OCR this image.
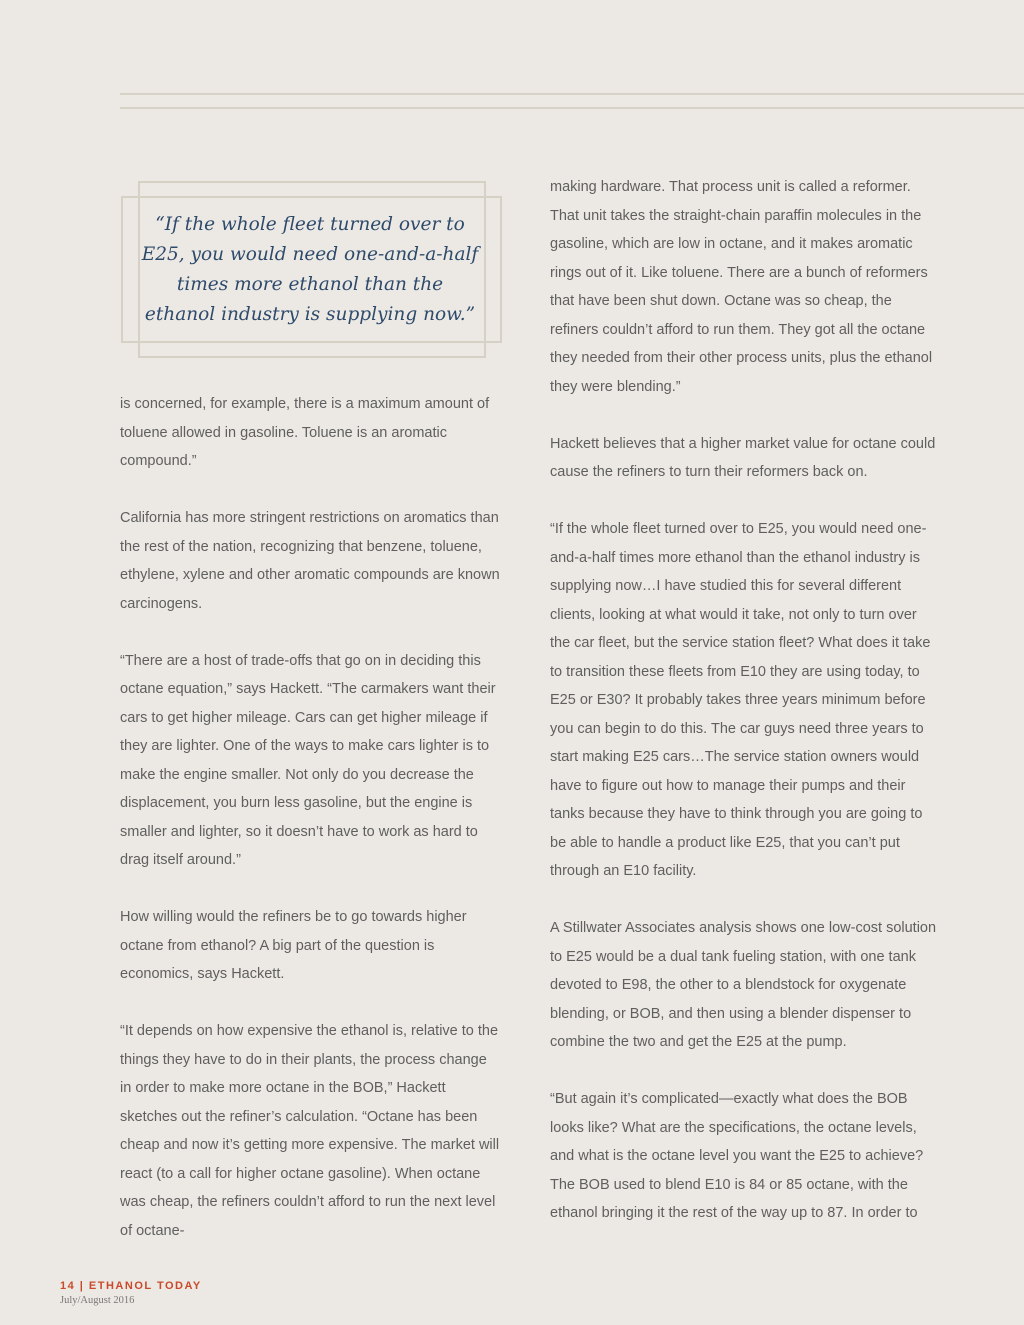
“If the whole fleet turned over to E25, you would need one-and-a-half times more ethanol than the ethanol industry is supplying now.”

is concerned, for example, there is a maximum amount of toluene allowed in gasoline. Toluene is an aromatic compound.”

California has more stringent restrictions on aromatics than the rest of the nation, recognizing that benzene, toluene, ethylene, xylene and other aromatic compounds are known carcinogens.

“There are a host of trade-offs that go on in deciding this octane equation,” says Hackett. “The carmakers want their cars to get higher mileage. Cars can get higher mileage if they are lighter. One of the ways to make cars lighter is to make the engine smaller. Not only do you decrease the displacement, you burn less gasoline, but the engine is smaller and lighter, so it doesn’t have to work as hard to drag itself around.”

How willing would the refiners be to go towards higher octane from ethanol? A big part of the question is economics, says Hackett.

“It depends on how expensive the ethanol is, relative to the things they have to do in their plants, the process change in order to make more octane in the BOB,” Hackett sketches out the refiner’s calculation. “Octane has been cheap and now it’s getting more expensive. The market will react (to a call for higher octane gasoline). When octane was cheap, the refiners couldn’t afford to run the next level of octane-

making hardware. That process unit is called a reformer. That unit takes the straight-chain paraffin molecules in the gasoline, which are low in octane, and it makes aromatic rings out of it. Like toluene. There are a bunch of reformers that have been shut down. Octane was so cheap, the refiners couldn’t afford to run them. They got all the octane they needed from their other process units, plus the ethanol they were blending.”

Hackett believes that a higher market value for octane could cause the refiners to turn their reformers back on.

“If the whole fleet turned over to E25, you would need one-and-a-half times more ethanol than the ethanol industry is supplying now…I have studied this for several different clients, looking at what would it take, not only to turn over the car fleet, but the service station fleet? What does it take to transition these fleets from E10 they are using today, to E25 or E30? It probably takes three years minimum before you can begin to do this. The car guys need three years to start making E25 cars…The service station owners would have to figure out how to manage their pumps and their tanks because they have to think through you are going to be able to handle a product like E25, that you can’t put through an E10 facility.

A Stillwater Associates analysis shows one low-cost solution to E25 would be a dual tank fueling station, with one tank devoted to E98, the other to a blendstock for oxygenate blending, or BOB, and then using a blender dispenser to combine the two and get the E25 at the pump.

“But again it’s complicated—exactly what does the BOB looks like? What are the specifications, the octane levels, and what is the octane level you want the E25 to achieve? The BOB used to blend E10 is 84 or 85 octane, with the ethanol bringing it the rest of the way up to 87. In order to

14 | ETHANOL TODAY
July/August 2016
